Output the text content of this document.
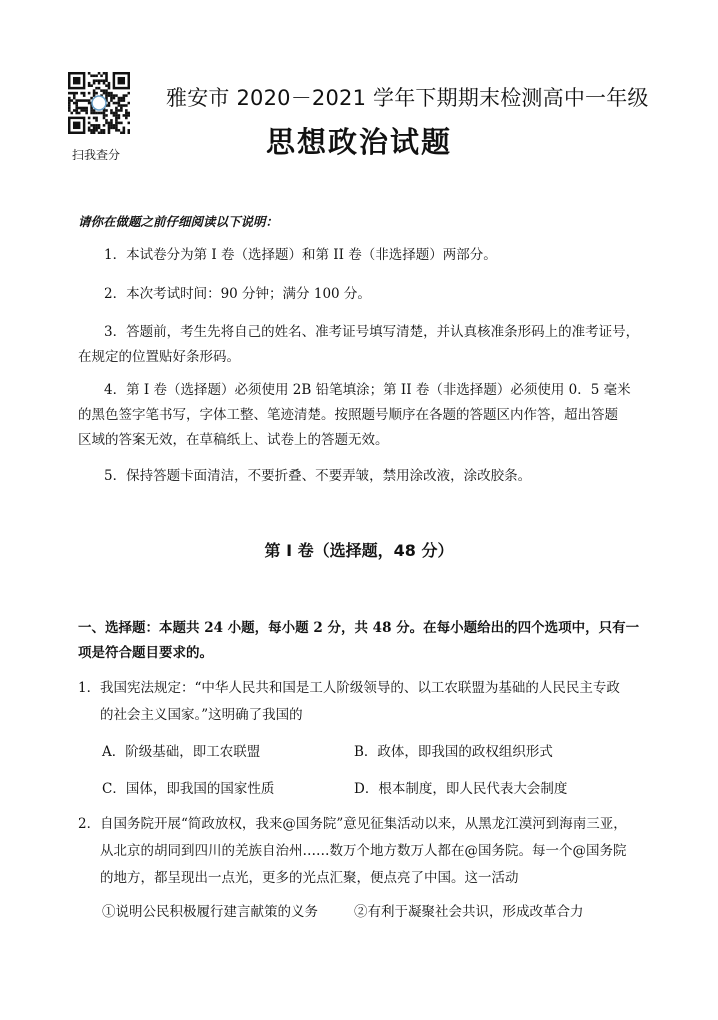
扫我查分
雅安市 2020－2021 学年下期期末检测高中一年级
思想政治试题
请你在做题之前仔细阅读以下说明：
1．本试卷分为第 I 卷（选择题）和第 II 卷（非选择题）两部分。
2．本次考试时间：90 分钟；满分 100 分。
3．答题前，考生先将自己的姓名、准考证号填写清楚，并认真核准条形码上的准考证号，
在规定的位置贴好条形码。
4．第 I 卷（选择题）必须使用 2B 铅笔填涂；第 II 卷（非选择题）必须使用 0．5 毫米
的黑色签字笔书写，字体工整、笔迹清楚。按照题号顺序在各题的答题区内作答，超出答题
区域的答案无效，在草稿纸上、试卷上的答题无效。
5．保持答题卡面清洁，不要折叠、不要弄皱，禁用涂改液，涂改胶条。
第 I 卷（选择题，48 分）
一、选择题：本题共 24 小题，每小题 2 分，共 48 分。在每小题给出的四个选项中，只有一
项是符合题目要求的。
1．我国宪法规定：“中华人民共和国是工人阶级领导的、以工农联盟为基础的人民民主专政
的社会主义国家。”这明确了我国的
A．阶级基础，即工农联盟	B．政体，即我国的政权组织形式
C．国体，即我国的国家性质	D．根本制度，即人民代表大会制度
2．自国务院开展“简政放权，我来@国务院”意见征集活动以来，从黑龙江漠河到海南三亚，
从北京的胡同到四川的羌族自治州……数万个地方数万人都在@国务院。每一个@国务院
的地方，都呈现出一点光，更多的光点汇聚，便点亮了中国。这一活动
①说明公民积极履行建言献策的义务	②有利于凝聚社会共识，形成改革合力
